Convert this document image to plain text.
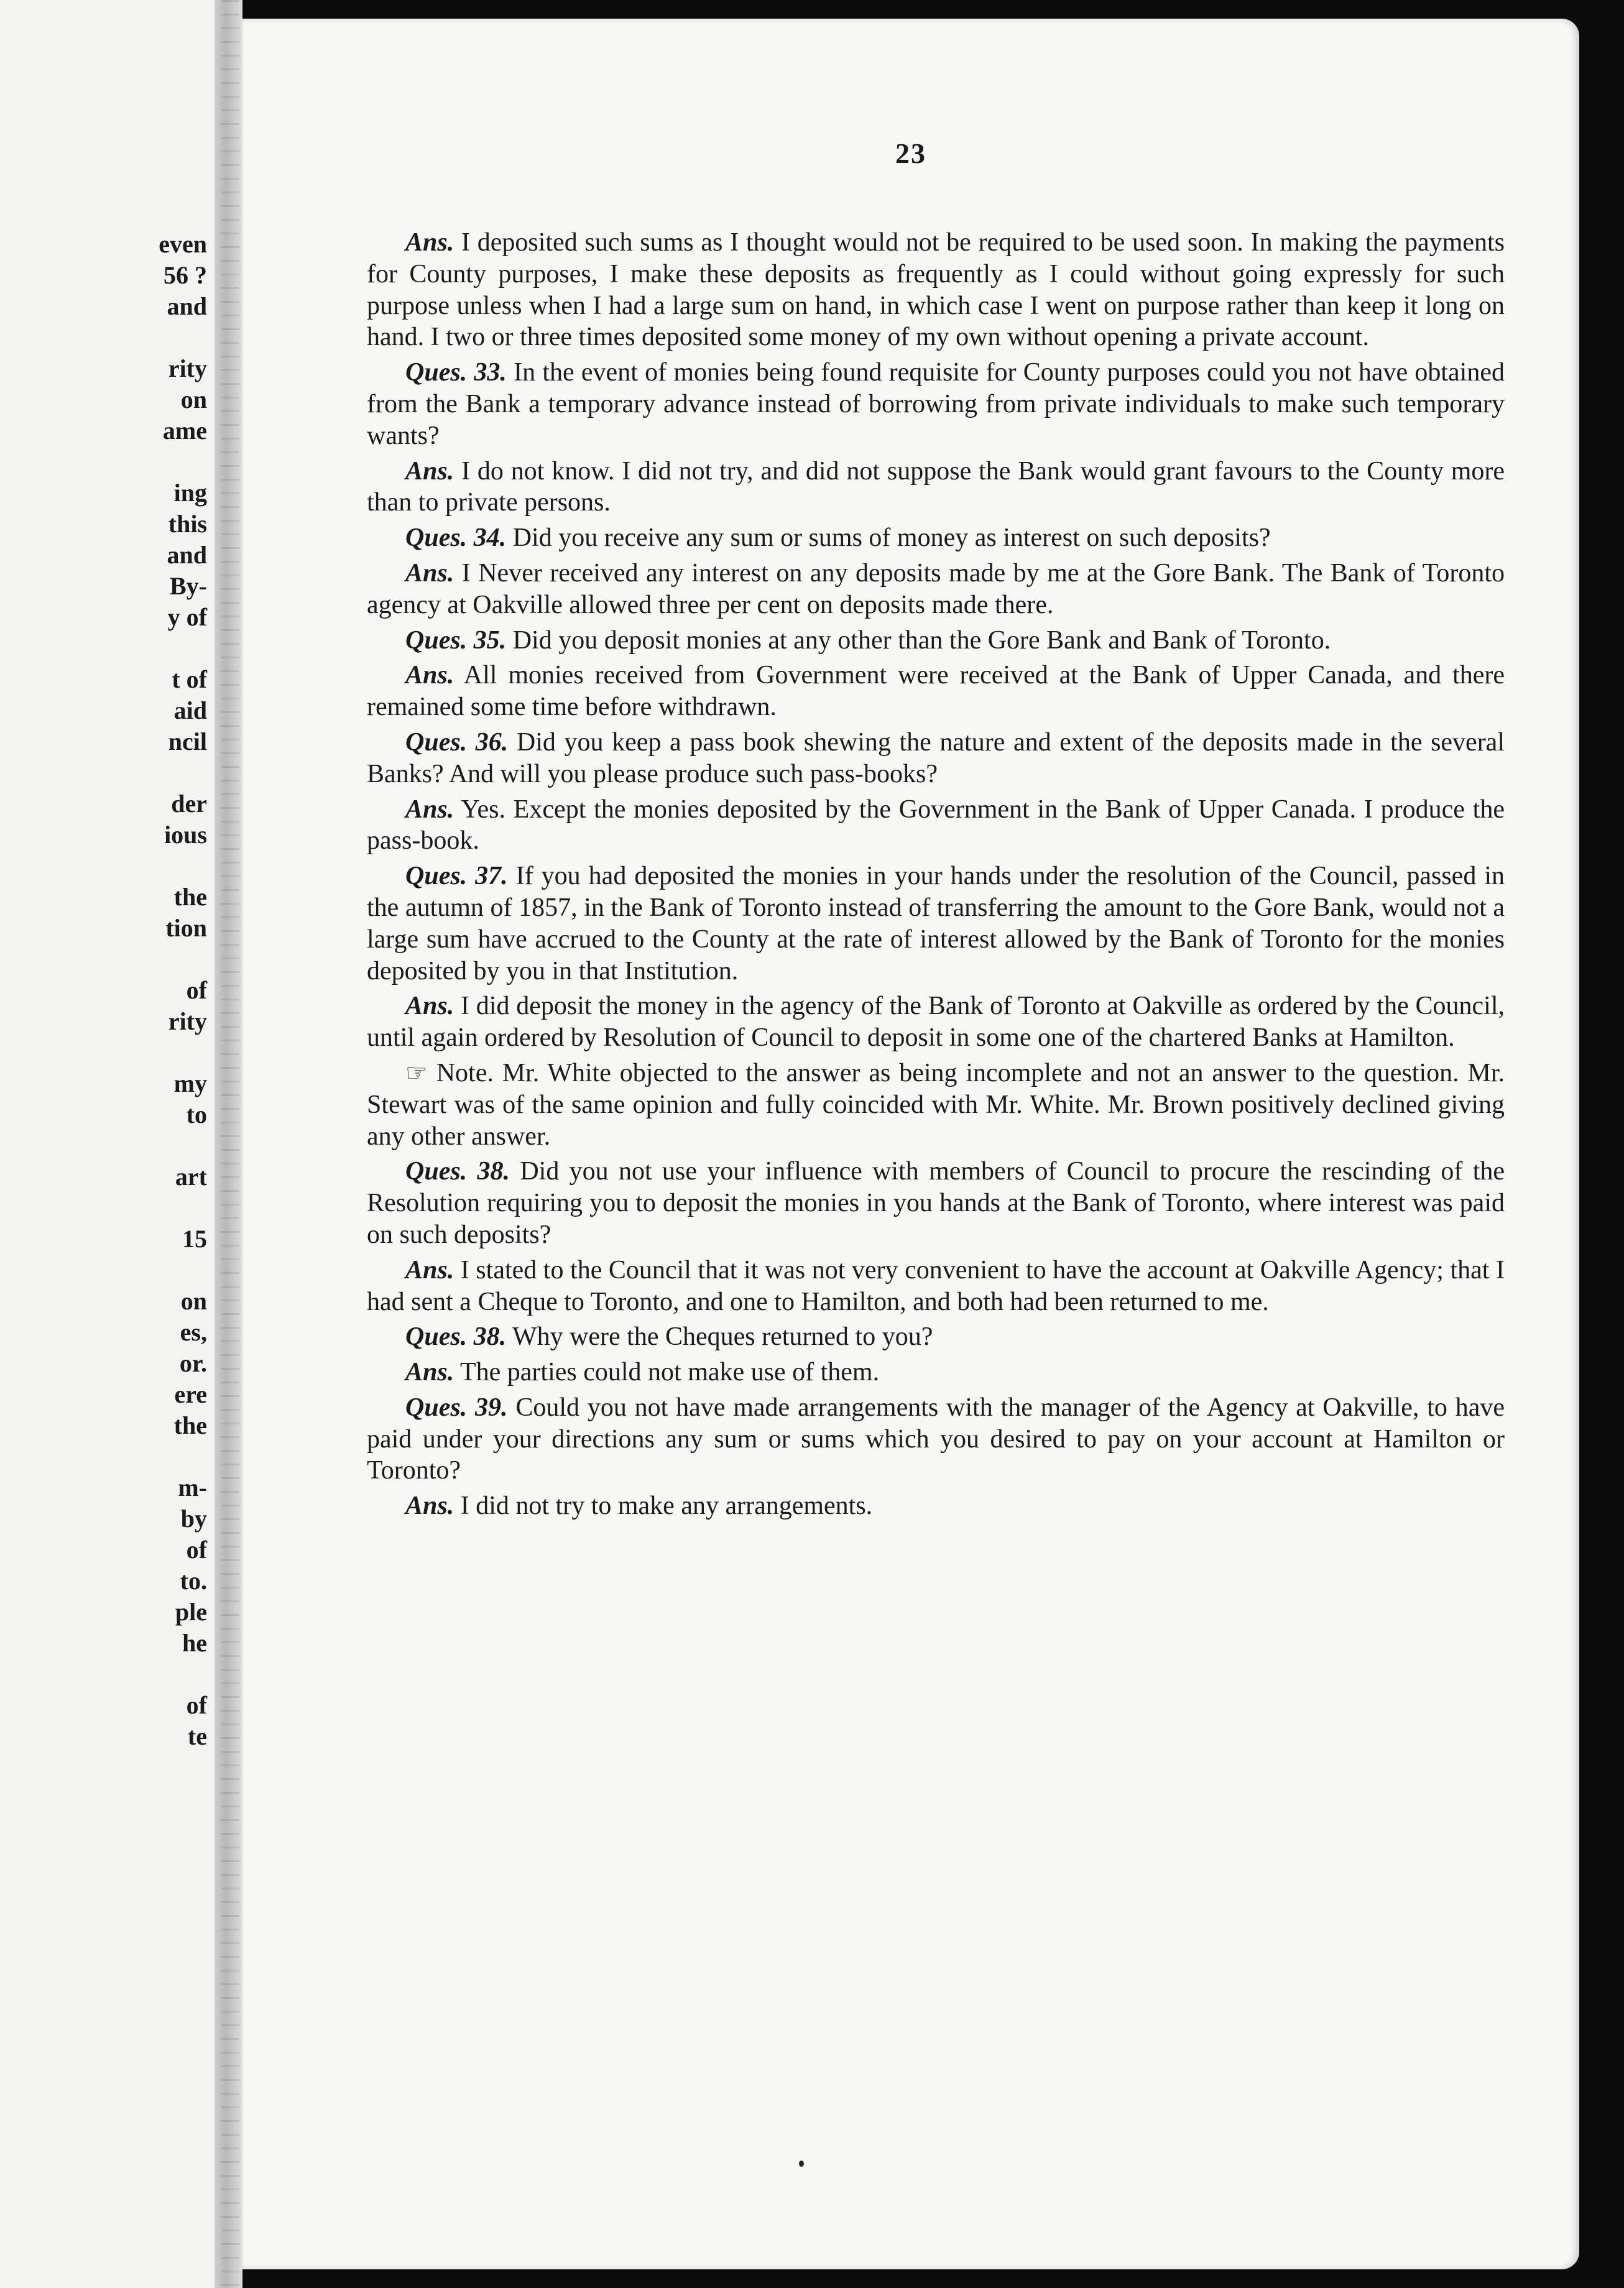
even
56 ?
and
rity
on
ame
ing
this
and
By-
y of
t of
aid
ncil
der
ious
the
tion
of
rity
my
to
art
15
on
es,
or.
ere
the
m-
by
of
to.
ple
he
of
te
23

Ans. I deposited such sums as I thought would not be required to be used soon. In making the payments for County purposes, I make these deposits as frequently as I could without going expressly for such purpose unless when I had a large sum on hand, in which case I went on purpose rather than keep it long on hand. I two or three times deposited some money of my own without opening a private account.

Ques. 33. In the event of monies being found requisite for County purposes could you not have obtained from the Bank a temporary advance instead of borrowing from private individuals to make such temporary wants?

Ans. I do not know. I did not try, and did not suppose the Bank would grant favours to the County more than to private persons.

Ques. 34. Did you receive any sum or sums of money as interest on such deposits?

Ans. I Never received any interest on any deposits made by me at the Gore Bank. The Bank of Toronto agency at Oakville allowed three per cent on deposits made there.

Ques. 35. Did you deposit monies at any other than the Gore Bank and Bank of Toronto.

Ans. All monies received from Government were received at the Bank of Upper Canada, and there remained some time before withdrawn.

Ques. 36. Did you keep a pass book shewing the nature and extent of the deposits made in the several Banks? And will you please produce such pass-books?

Ans. Yes. Except the monies deposited by the Government in the Bank of Upper Canada. I produce the pass-book.

Ques. 37. If you had deposited the monies in your hands under the resolution of the Council, passed in the autumn of 1857, in the Bank of Toronto instead of transferring the amount to the Gore Bank, would not a large sum have accrued to the County at the rate of interest allowed by the Bank of Toronto for the monies deposited by you in that Institution.

Ans. I did deposit the money in the agency of the Bank of Toronto at Oakville as ordered by the Council, until again ordered by Resolution of Council to deposit in some one of the chartered Banks at Hamilton.

☞ Note. Mr. White objected to the answer as being incomplete and not an answer to the question. Mr. Stewart was of the same opinion and fully coincided with Mr. White. Mr. Brown positively declined giving any other answer.

Ques. 38. Did you not use your influence with members of Council to procure the rescinding of the Resolution requiring you to deposit the monies in you hands at the Bank of Toronto, where interest was paid on such deposits?

Ans. I stated to the Council that it was not very convenient to have the account at Oakville Agency; that I had sent a Cheque to Toronto, and one to Hamilton, and both had been returned to me.

Ques. 38. Why were the Cheques returned to you?

Ans. The parties could not make use of them.

Ques. 39. Could you not have made arrangements with the manager of the Agency at Oakville, to have paid under your directions any sum or sums which you desired to pay on your account at Hamilton or Toronto?

Ans. I did not try to make any arrangements.
